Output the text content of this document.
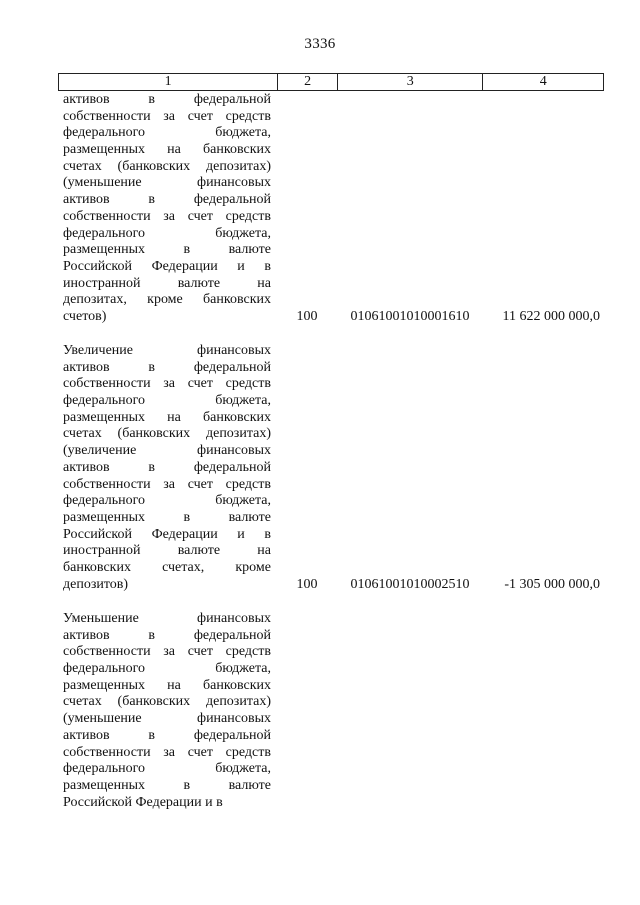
3336
1	2	3	4
активов в федеральной
собственности за счет средств
федерального бюджета,
размещенных на банковских
счетах (банковских депозитах)
(уменьшение финансовых
активов в федеральной
собственности за счет средств
федерального бюджета,
размещенных в валюте
Российской Федерации и в
иностранной валюте на
депозитах, кроме банковских
счетов)	100	01061001010001610	11 622 000 000,0
Увеличение финансовых
активов в федеральной
собственности за счет средств
федерального бюджета,
размещенных на банковских
счетах (банковских депозитах)
(увеличение финансовых
активов в федеральной
собственности за счет средств
федерального бюджета,
размещенных в валюте
Российской Федерации и в
иностранной валюте на
банковских счетах, кроме
депозитов)	100	01061001010002510	-1 305 000 000,0
Уменьшение финансовых
активов в федеральной
собственности за счет средств
федерального бюджета,
размещенных на банковских
счетах (банковских депозитах)
(уменьшение финансовых
активов в федеральной
собственности за счет средств
федерального бюджета,
размещенных в валюте
Российской Федерации и в
